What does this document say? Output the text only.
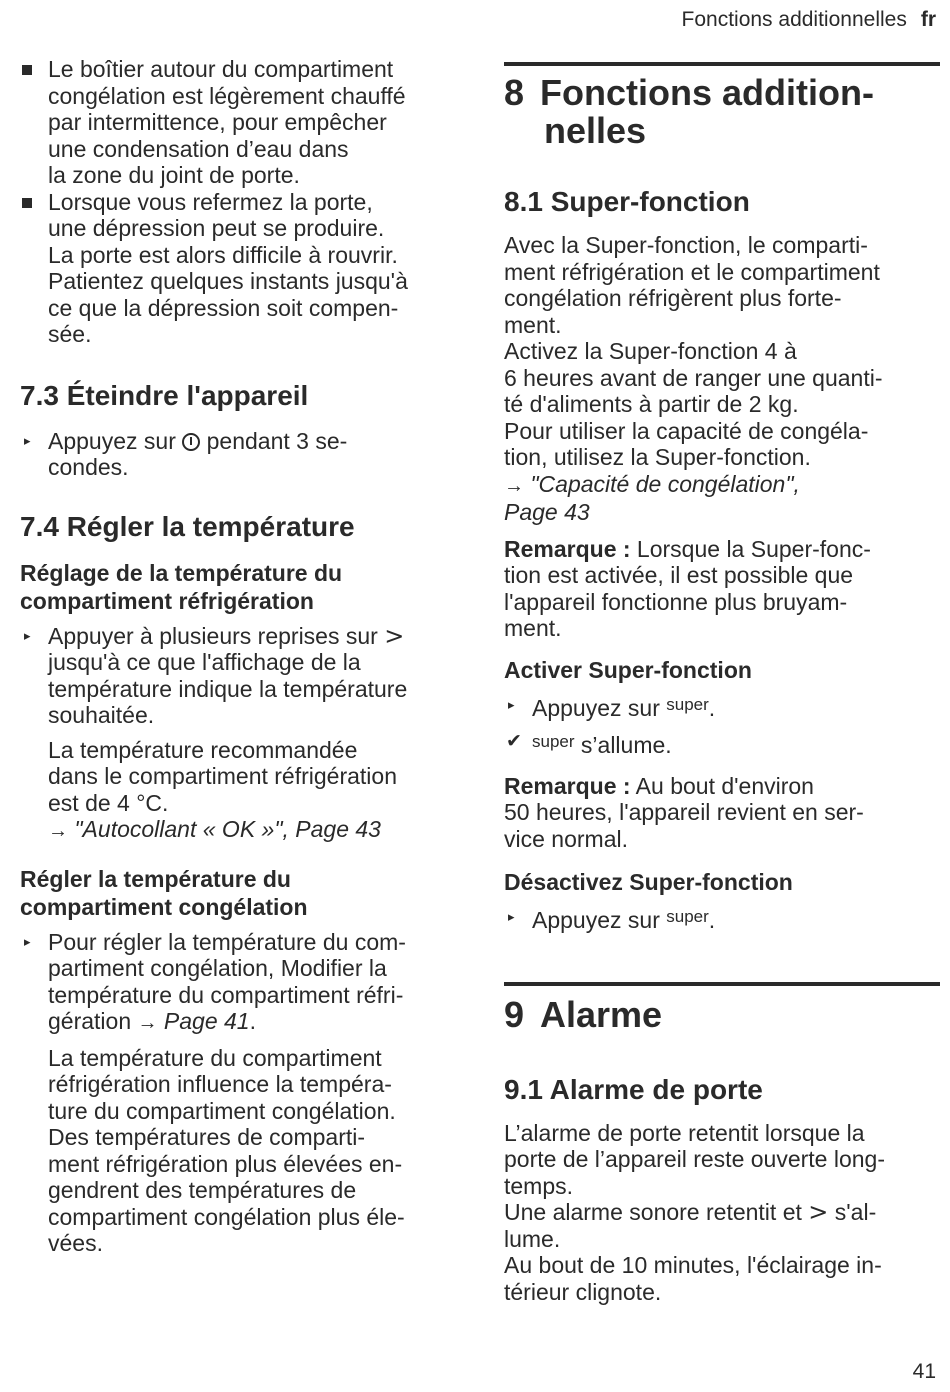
Fonctions additionnelles fr
Le boîtier autour du compartiment
congélation est légèrement chauffé
par intermittence, pour empêcher
une condensation d’eau dans
la zone du joint de porte.
Lorsque vous refermez la porte,
une dépression peut se produire.
La porte est alors difficile à rouvrir.
Patientez quelques instants jusqu'à
ce que la dépression soit compen-
sée.
7.3 Éteindre l'appareil
▸ Appuyez sur  pendant 3 se-
condes.
7.4 Régler la température
Réglage de la température du
compartiment réfrigération
▸ Appuyer à plusieurs reprises sur >
jusqu'à ce que l'affichage de la
température indique la température
souhaitée.
La température recommandée
dans le compartiment réfrigération
est de 4 °C.
→ "Autocollant « OK »", Page 43
Régler la température du
compartiment congélation
▸ Pour régler la température du com-
partiment congélation, Modifier la
température du compartiment réfri-
gération → Page 41.
La température du compartiment
réfrigération influence la tempéra-
ture du compartiment congélation.
Des températures de comparti-
ment réfrigération plus élevées en-
gendrent des températures de
compartiment congélation plus éle-
vées.
8 Fonctions addition-
nelles
8.1 Super-fonction

Avec la Super-fonction, le comparti-

ment réfrigération et le compartiment

congélation réfrigèrent plus forte-

ment.

Activez la Super-fonction 4 à

6 heures avant de ranger une quanti-

té d'aliments à partir de 2 kg.

Pour utiliser la capacité de congéla-

tion, utilisez la Super-fonction.

→ "Capacité de congélation",

Page 43

Remarque : Lorsque la Super-fonc-

tion est activée, il est possible que

l'appareil fonctionne plus bruyam-

ment.

Activer Super-fonction
▸ Appuyez sur $^{super}$.
✔ $^{super}$ s’allume.

Remarque : Au bout d'environ

50 heures, l'appareil revient en ser-

vice normal.

Désactivez Super-fonction
▸ Appuyez sur $^{super}$.
9 Alarme
9.1 Alarme de porte

L’alarme de porte retentit lorsque la

porte de l’appareil reste ouverte long-

temps.

Une alarme sonore retentit et > s'al-

lume.

Au bout de 10 minutes, l'éclairage in-

térieur clignote.

41
